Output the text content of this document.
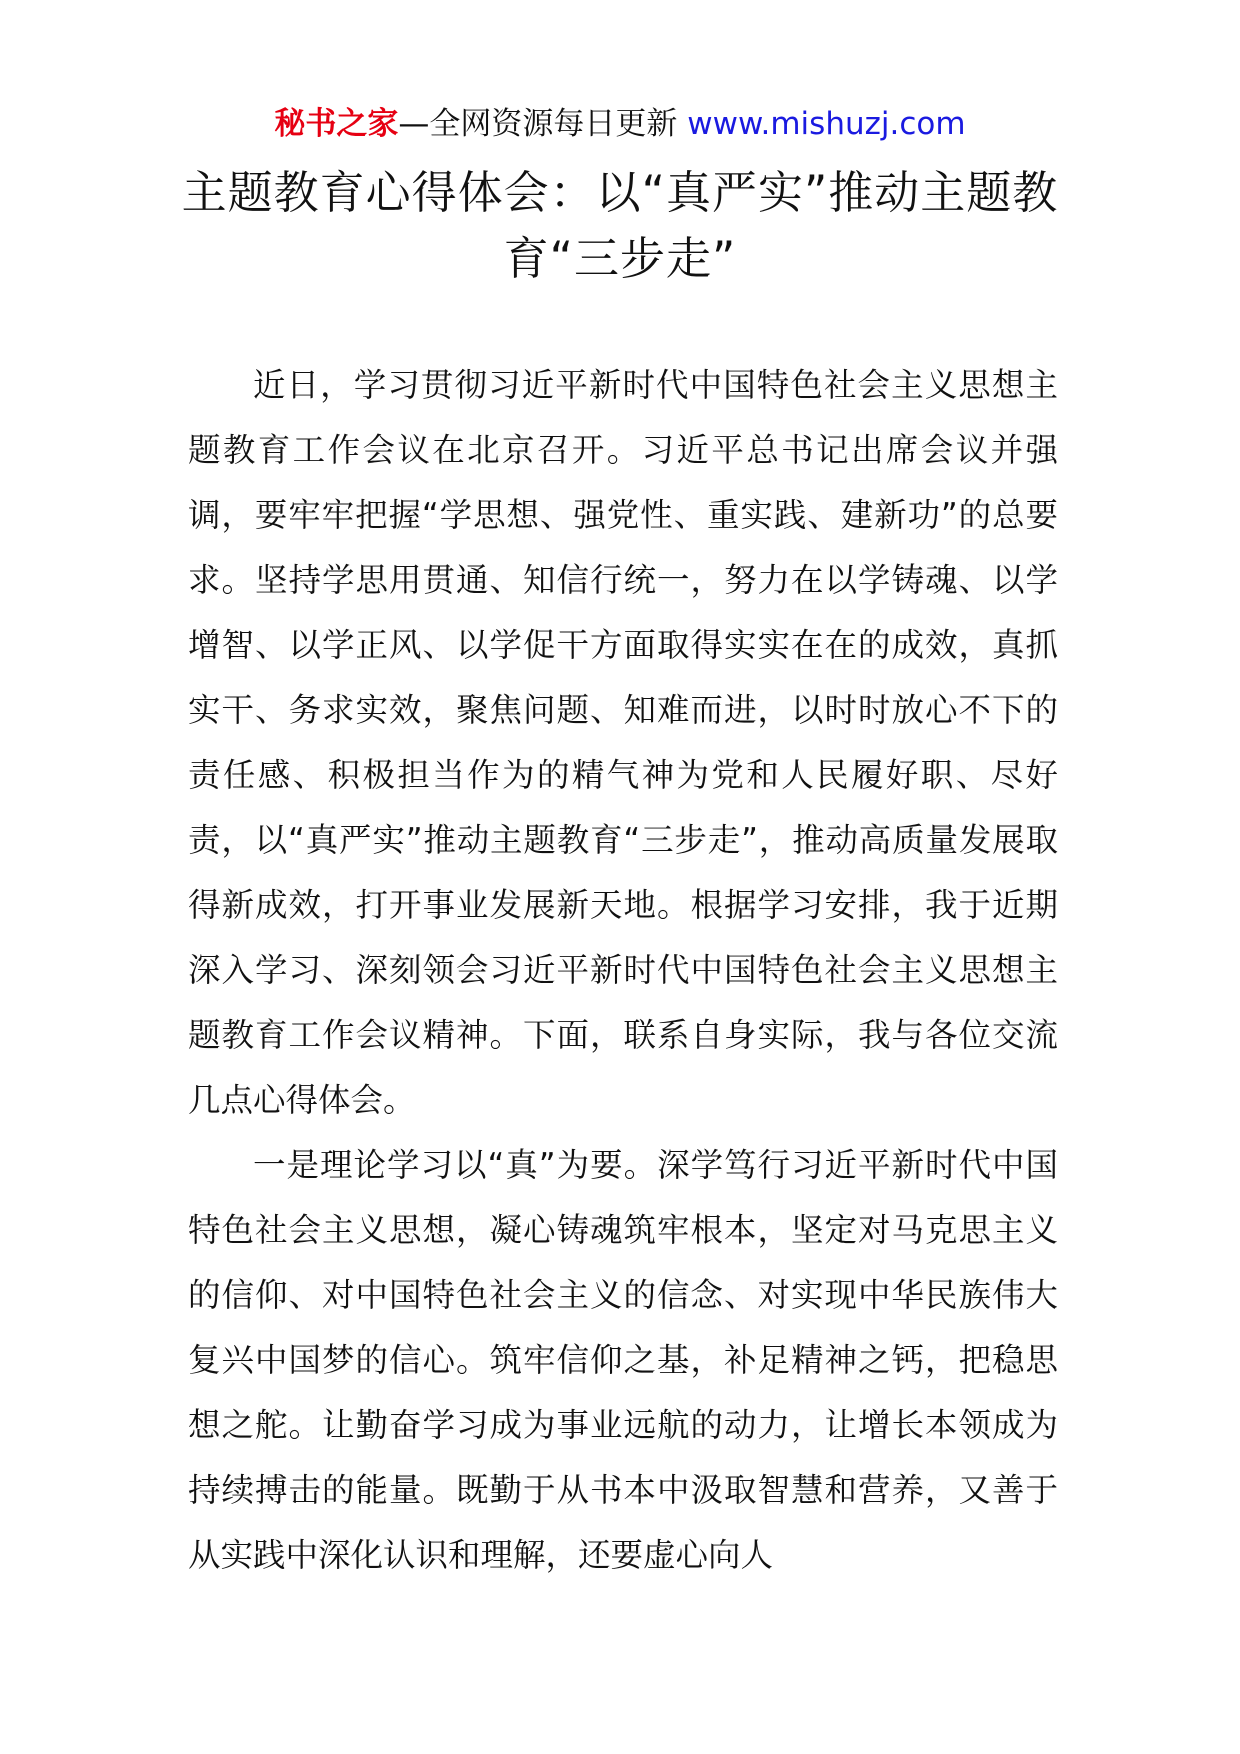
秘书之家—全网资源每日更新 www.mishuzj.com
主题教育心得体会：以“真严实”推动主题教育“三步走”

近日，学习贯彻习近平新时代中国特色社会主义思想主题教育工作会议在北京召开。习近平总书记出席会议并强调，要牢牢把握“学思想、强党性、重实践、建新功”的总要求。坚持学思用贯通、知信行统一，努力在以学铸魂、以学增智、以学正风、以学促干方面取得实实在在的成效，真抓实干、务求实效，聚焦问题、知难而进，以时时放心不下的责任感、积极担当作为的精气神为党和人民履好职、尽好责，以“真严实”推动主题教育“三步走”，推动高质量发展取得新成效，打开事业发展新天地。根据学习安排，我于近期深入学习、深刻领会习近平新时代中国特色社会主义思想主题教育工作会议精神。下面，联系自身实际，我与各位交流几点心得体会。

一是理论学习以“真”为要。深学笃行习近平新时代中国特色社会主义思想，凝心铸魂筑牢根本，坚定对马克思主义的信仰、对中国特色社会主义的信念、对实现中华民族伟大复兴中国梦的信心。筑牢信仰之基，补足精神之钙，把稳思想之舵。让勤奋学习成为事业远航的动力，让增长本领成为持续搏击的能量。既勤于从书本中汲取智慧和营养，又善于从实践中深化认识和理解，还要虚心向人
